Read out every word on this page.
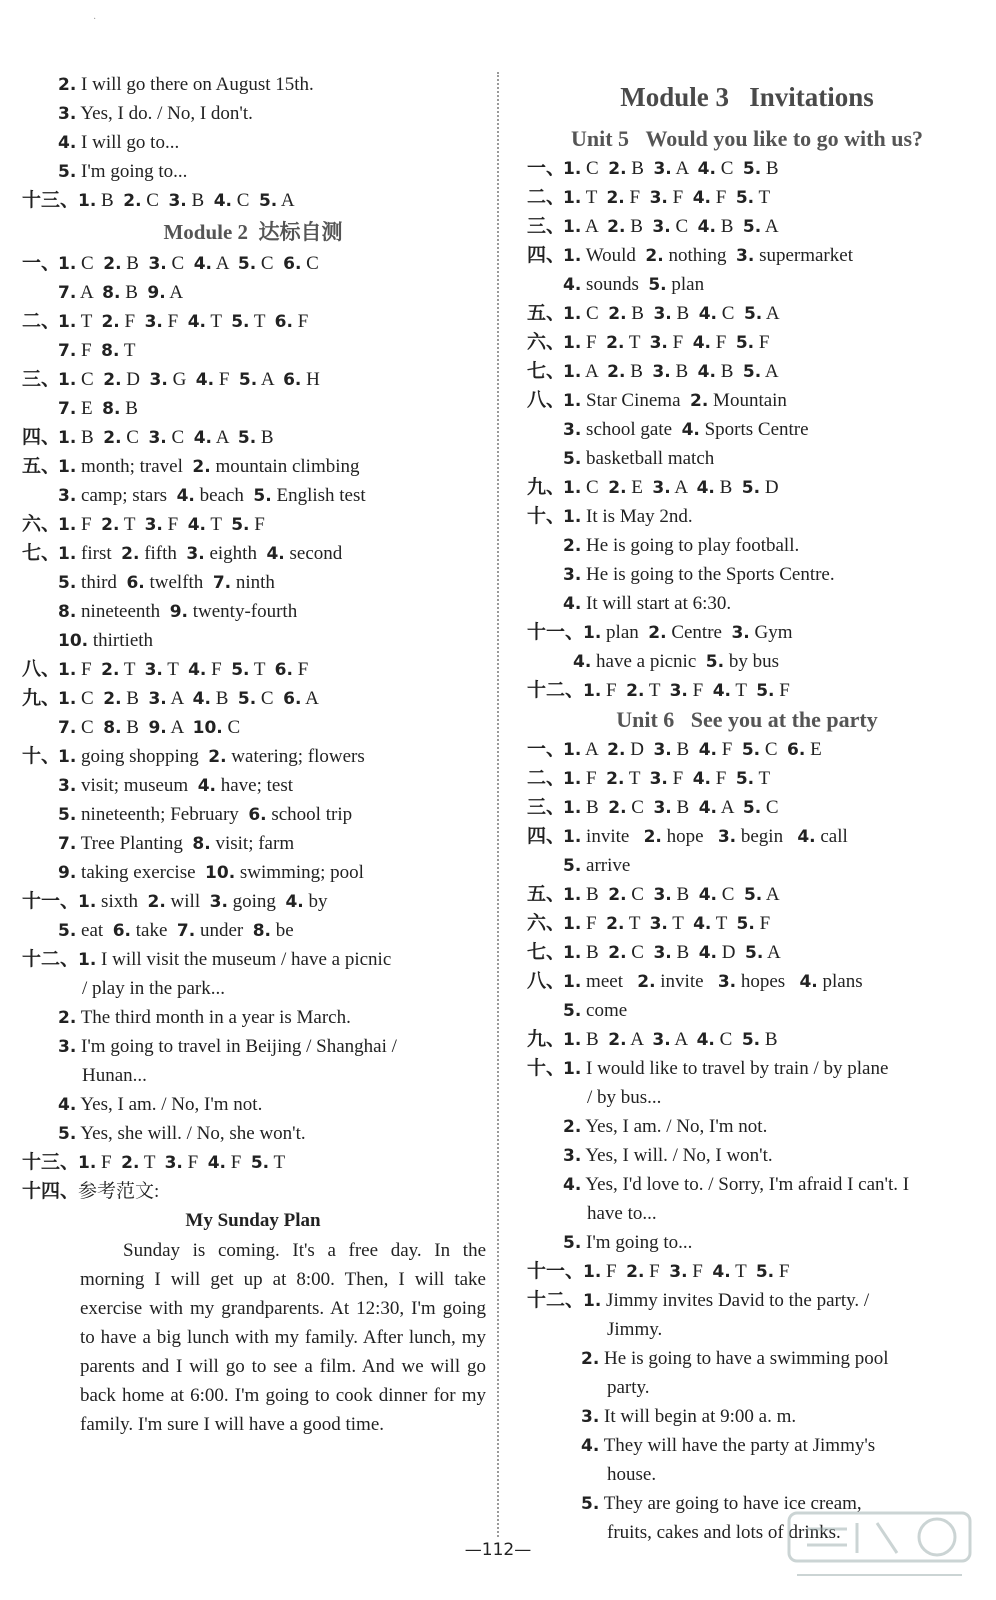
·
2. I will go there on August 15th.
3. Yes, I do. / No, I don't.
4. I will go to...
5. I'm going to...
十三、
1. B  2. C  3. B  4. C  5. A
Module 2  达标自测
一、
1. C  2. B  3. C  4. A  5. C  6. C
7. A  8. B  9. A
二、
1. T  2. F  3. F  4. T  5. T  6. F
7. F  8. T
三、
1. C  2. D  3. G  4. F  5. A  6. H
7. E  8. B
四、
1. B  2. C  3. C  4. A  5. B
五、
1. month; travel  2. mountain climbing
3. camp; stars  4. beach  5. English test
六、
1. F  2. T  3. F  4. T  5. F
七、
1. first  2. fifth  3. eighth  4. second
5. third  6. twelfth  7. ninth
8. nineteenth  9. twenty-fourth
10. thirtieth
八、
1. F  2. T  3. T  4. F  5. T  6. F
九、
1. C  2. B  3. A  4. B  5. C  6. A
7. C  8. B  9. A  10. C
十、
1. going shopping  2. watering; flowers
3. visit; museum  4. have; test
5. nineteenth; February  6. school trip
7. Tree Planting  8. visit; farm
9. taking exercise  10. swimming; pool
十一、
1. sixth  2. will  3. going  4. by
5. eat  6. take  7. under  8. be
十二、
1. I will visit the museum / have a picnic
/ play in the park...
2. The third month in a year is March.
3. I'm going to travel in Beijing / Shanghai /
Hunan...
4. Yes, I am. / No, I'm not.
5. Yes, she will. / No, she won't.
十三、
1. F  2. T  3. F  4. F  5. T
十四、
参考范文:
My Sunday Plan

Sunday is coming. It's a free day. In the morning I will get up at 8:00. Then, I will take exercise with my grandparents. At 12:30, I'm going to have a big lunch with my family. After lunch, my parents and I will go to see a film. And we will go back home at 6:00. I'm going to cook dinner for my family. I'm sure I will have a good time.

Module 3   Invitations
Unit 5   Would you like to go with us?
一、
1. C  2. B  3. A  4. C  5. B
二、
1. T  2. F  3. F  4. F  5. T
三、
1. A  2. B  3. C  4. B  5. A
四、
1. Would  2. nothing  3. supermarket
4. sounds  5. plan
五、
1. C  2. B  3. B  4. C  5. A
六、
1. F  2. T  3. F  4. F  5. F
七、
1. A  2. B  3. B  4. B  5. A
八、
1. Star Cinema  2. Mountain
3. school gate  4. Sports Centre
5. basketball match
九、
1. C  2. E  3. A  4. B  5. D
十、
1. It is May 2nd.
2. He is going to play football.
3. He is going to the Sports Centre.
4. It will start at 6:30.
十一、
1. plan  2. Centre  3. Gym
4. have a picnic  5. by bus
十二、
1. F  2. T  3. F  4. T  5. F
Unit 6   See you at the party
一、
1. A  2. D  3. B  4. F  5. C  6. E
二、
1. F  2. T  3. F  4. F  5. T
三、
1. B  2. C  3. B  4. A  5. C
四、
1. invite   2. hope   3. begin   4. call
5. arrive
五、
1. B  2. C  3. B  4. C  5. A
六、
1. F  2. T  3. T  4. T  5. F
七、
1. B  2. C  3. B  4. D  5. A
八、
1. meet   2. invite   3. hopes   4. plans
5. come
九、
1. B  2. A  3. A  4. C  5. B
十、
1. I would like to travel by train / by plane
/ by bus...
2. Yes, I am. / No, I'm not.
3. Yes, I will. / No, I won't.
4. Yes, I'd love to. / Sorry, I'm afraid I can't. I
have to...
5. I'm going to...
十一、
1. F  2. F  3. F  4. T  5. F
十二、
1. Jimmy invites David to the party. /
Jimmy.
2. He is going to have a swimming pool
party.
3. It will begin at 9:00 a. m.
4. They will have the party at Jimmy's
house.
5. They are going to have ice cream,
fruits, cakes and lots of drinks.
—112—
